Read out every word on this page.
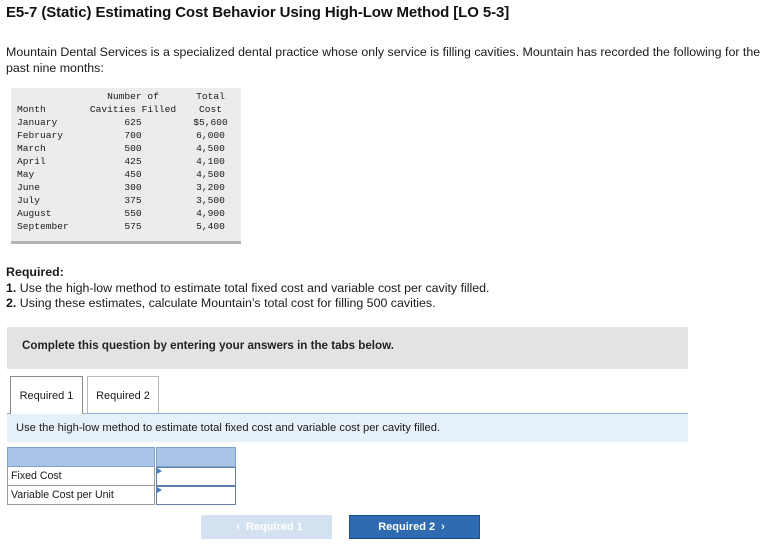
E5-7 (Static) Estimating Cost Behavior Using High-Low Method [LO 5-3]
Mountain Dental Services is a specialized dental practice whose only service is filling cavities. Mountain has recorded the following for the past nine months:
	Number of	Total
Month	Cavities Filled	Cost
January	625	$5,600
February	700	6,000
March	500	4,500
April	425	4,100
May	450	4,500
June	300	3,200
July	375	3,500
August	550	4,900
September	575	5,400
Required:
1. Use the high-low method to estimate total fixed cost and variable cost per cavity filled.
2. Using these estimates, calculate Mountain’s total cost for filling 500 cavities.
Complete this question by entering your answers in the tabs below.
Required 1	Required 2
Use the high-low method to estimate total fixed cost and variable cost per cavity filled.
Fixed Cost
Variable Cost per Unit
‹ Required 1	Required 2 ›
